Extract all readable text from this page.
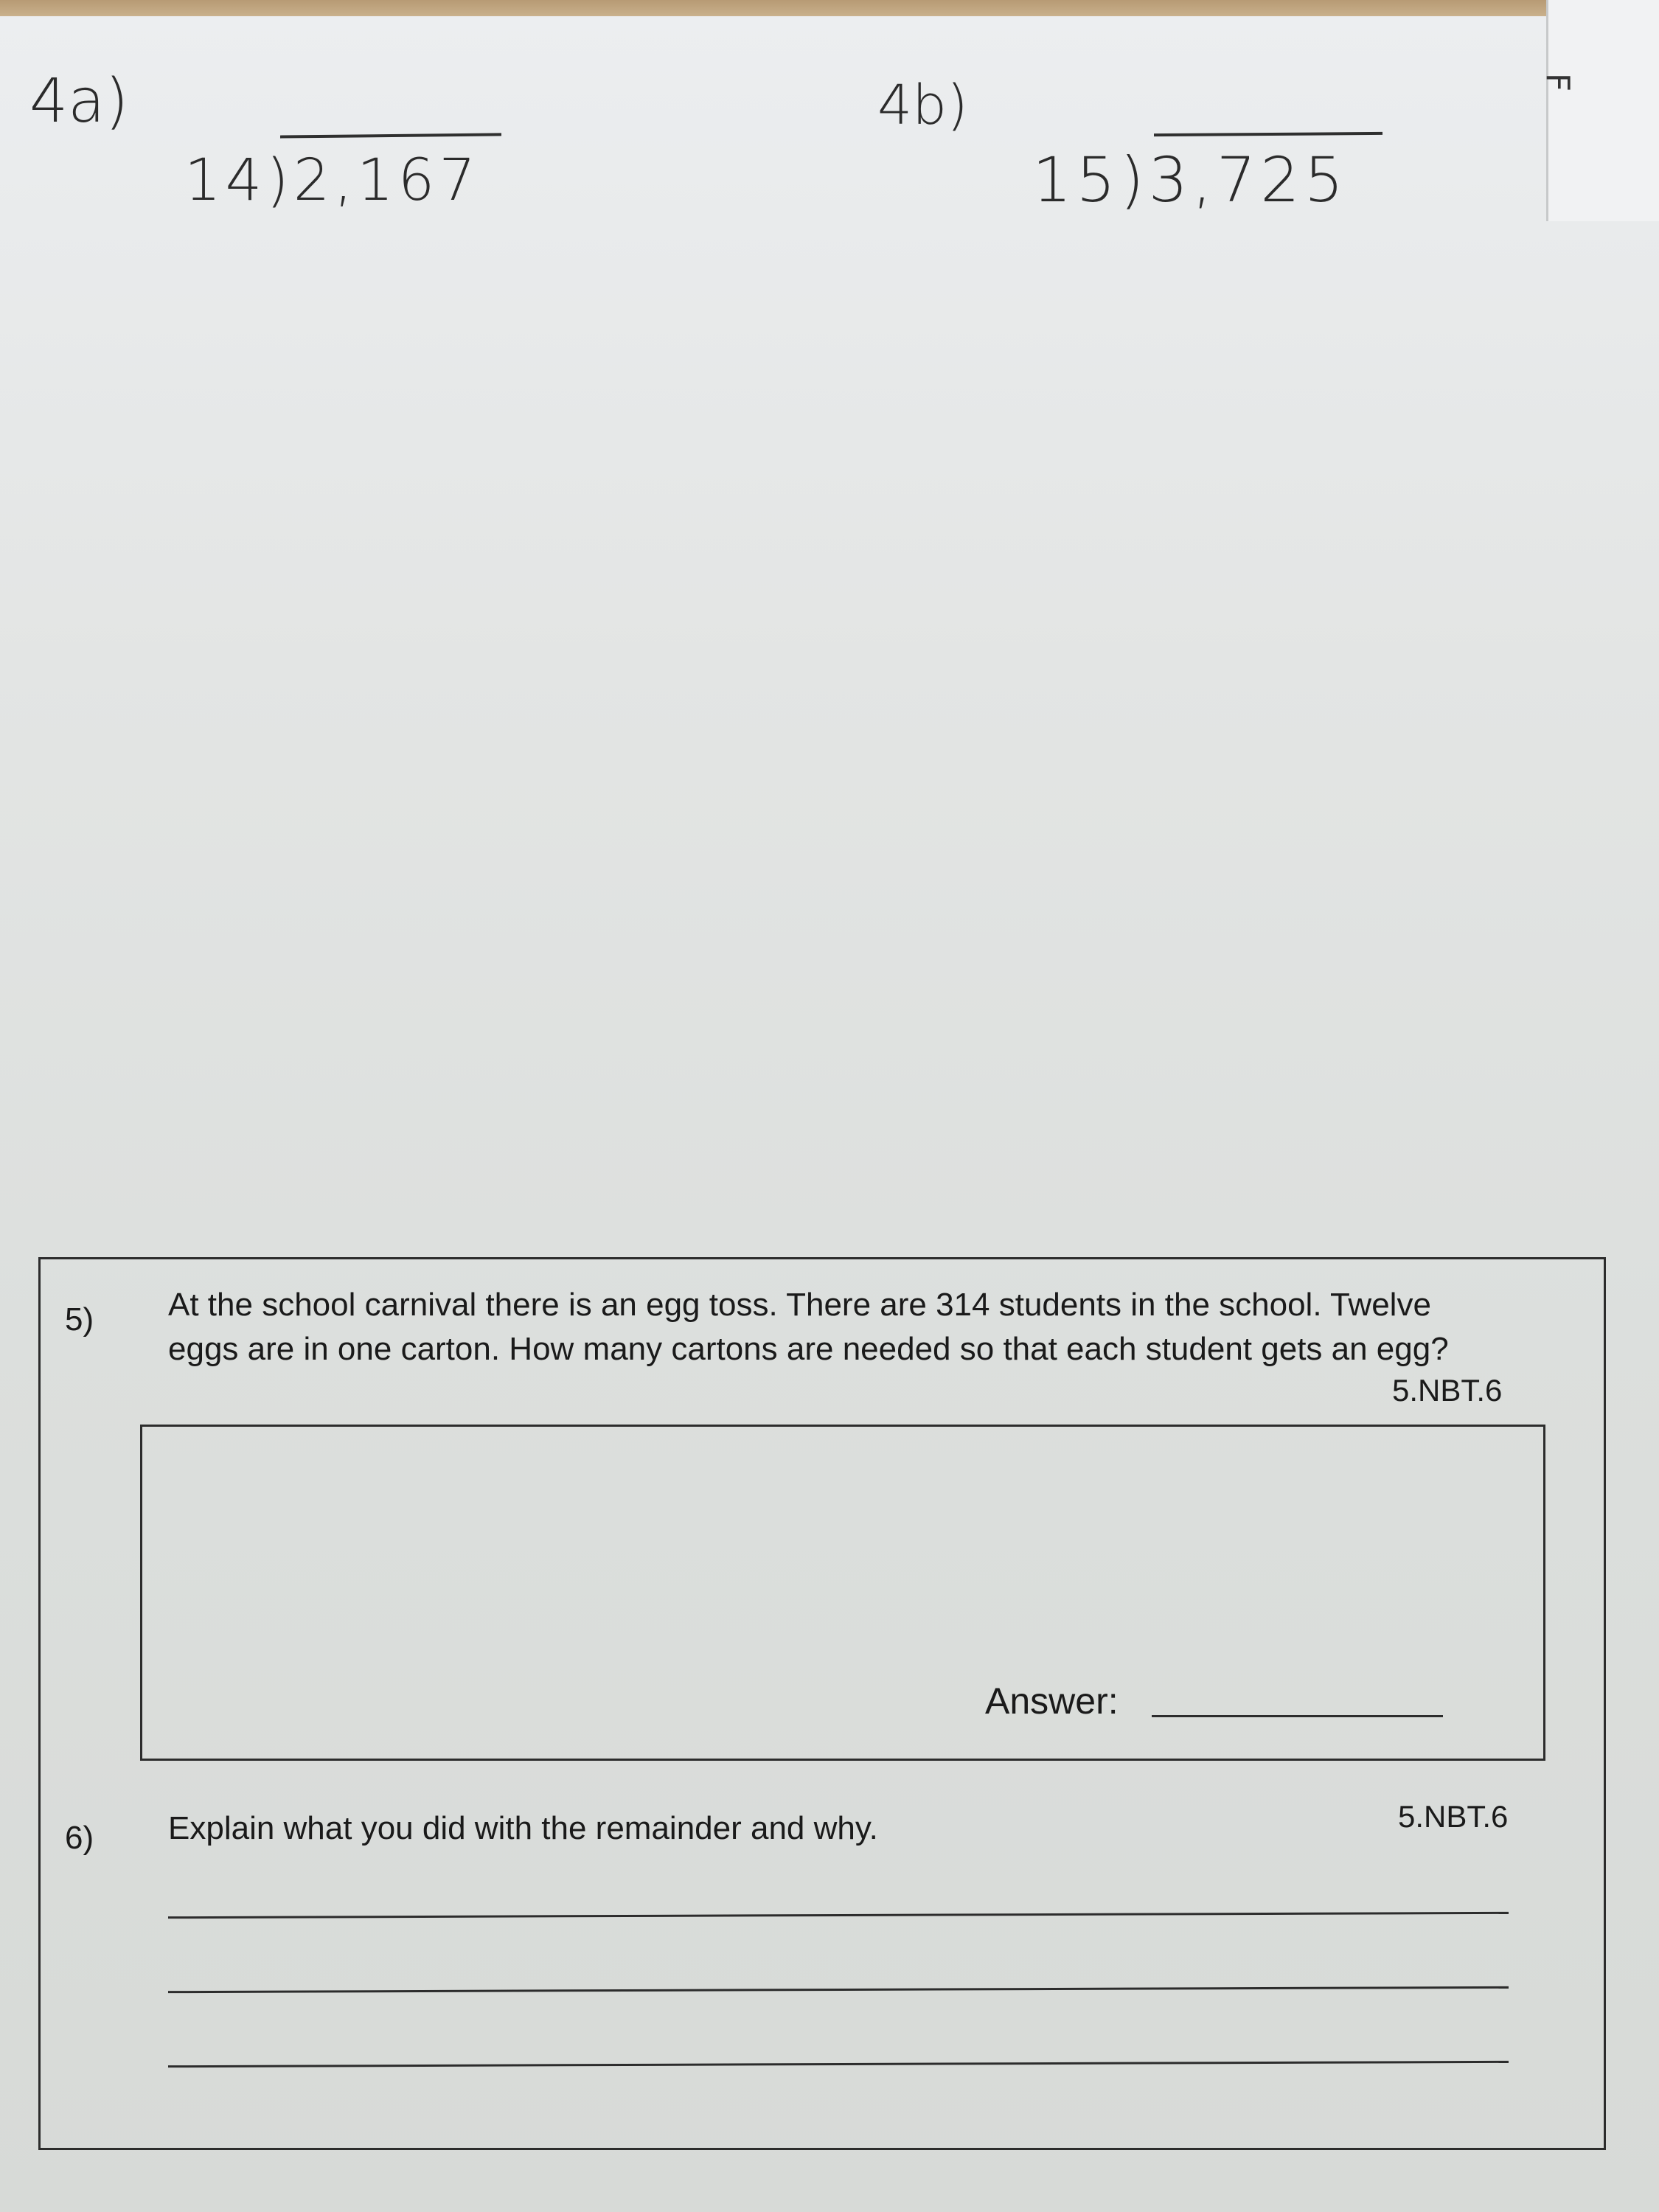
F
4a)
14)2,167
4b)
15)3,725
5) At the school carnival there is an egg toss. There are 314 students in the school. Twelve
eggs are in one carton. How many cartons are needed so that each student gets an egg?
5.NBT.6
Answer:
6) Explain what you did with the remainder and why.	5.NBT.6
